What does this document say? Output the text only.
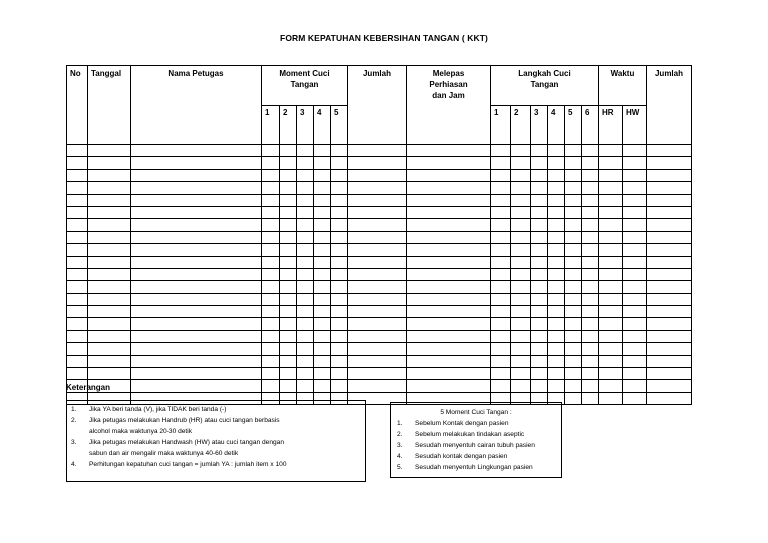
FORM KEPATUHAN KEBERSIHAN TANGAN ( KKT)
No	Tanggal	Nama Petugas	Moment Cuci Tangan					Jumlah	Melepas Perhiasan dan Jam	Langkah Cuci Tangan						Waktu		Jumlah
			1	2	3	4	5			1	2	3	4	5	6	HR	HW	

Keterangan
1. Jika YA beri tanda (V), jika TIDAK beri tanda (-)
2. Jika petugas melakukan Handrub (HR) atau cuci tangan berbasis
alcohol maka waktunya 20-30 detik
3. Jika petugas melakukan Handwash (HW) atau cuci tangan dengan
sabun dan air mengalir maka waktunya 40-60 detik
4. Perhitungan kepatuhan cuci tangan = jumlah YA : jumlah item x 100
5 Moment Cuci Tangan :
1. Sebelum Kontak dengan pasien
2. Sebelum melakukan tindakan aseptic
3. Sesudah menyentuh cairan tubuh pasien
4. Sesudah kontak dengan pasien
5. Sesudah menyentuh Lingkungan pasien
